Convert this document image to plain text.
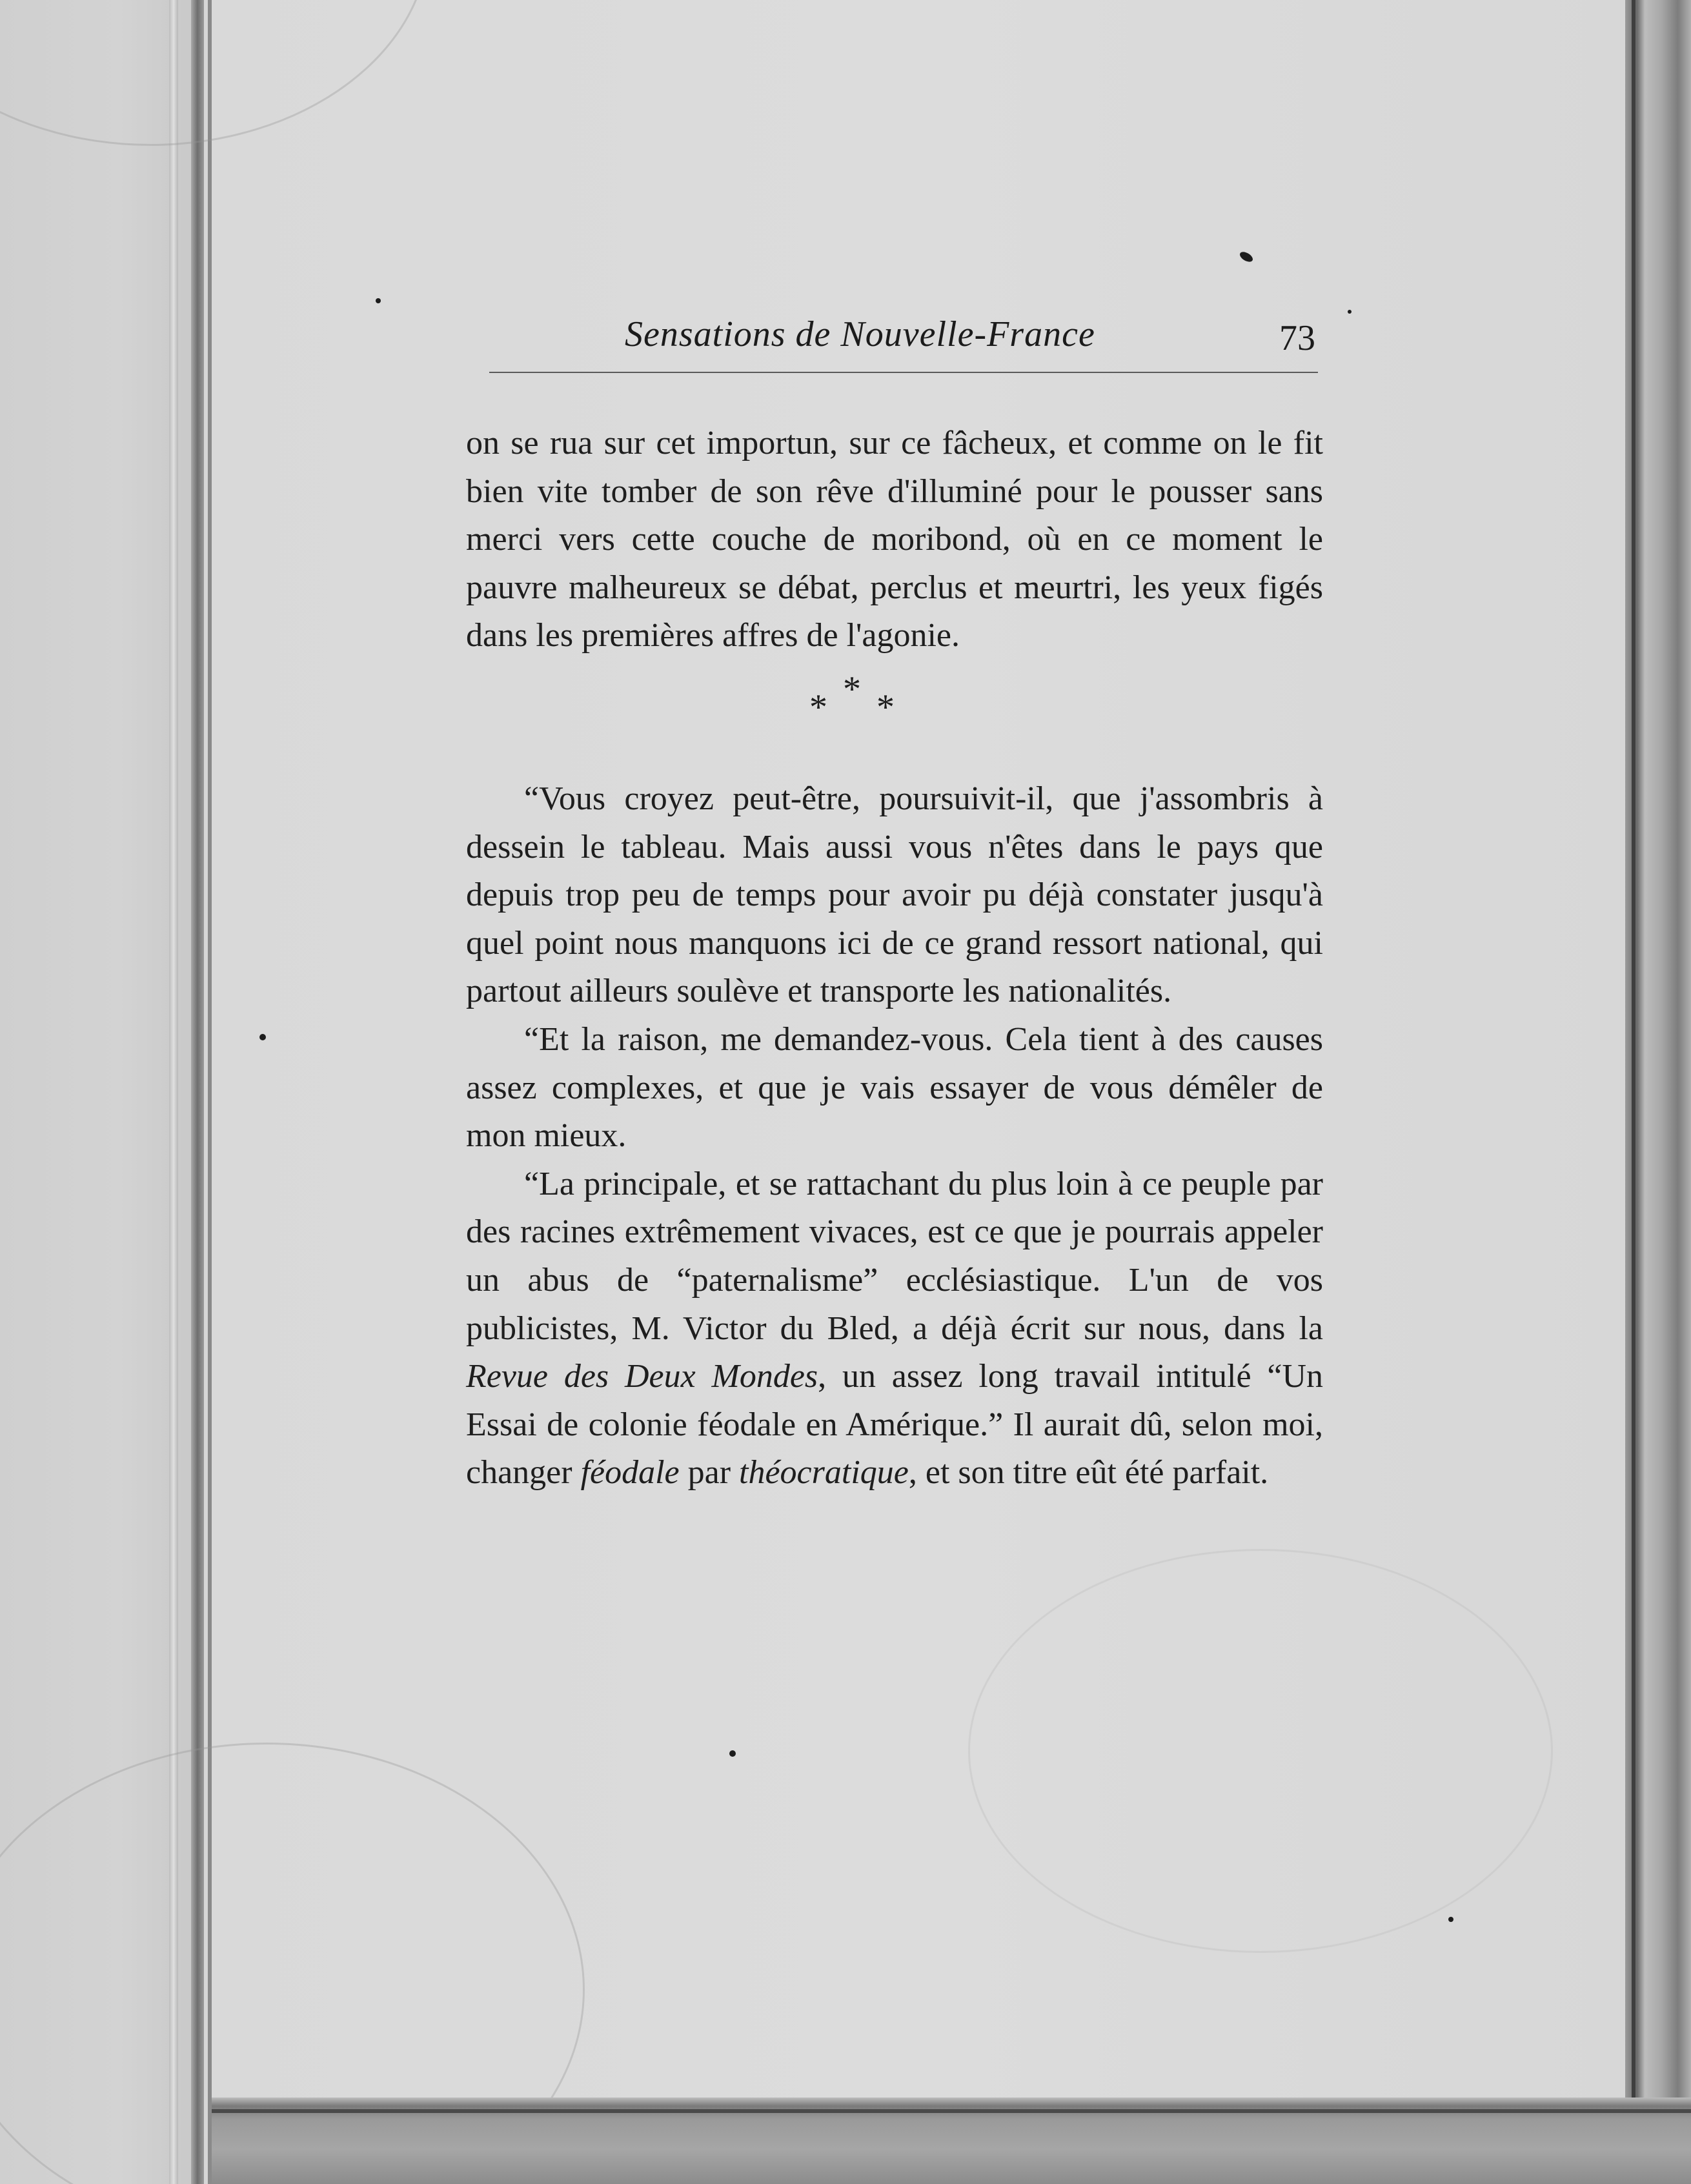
Sensations de Nouvelle-France	73

on se rua sur cet importun, sur ce fâcheux, et comme on le fit bien vite tomber de son rêve d'illuminé pour le pousser sans merci vers cette couche de moribond, où en ce moment le pauvre malheureux se débat, perclus et meurtri, les yeux figés dans les premières affres de l'agonie.

*
* *

“Vous croyez peut-être, poursuivit-il, que j'assombris à dessein le tableau. Mais aussi vous n'êtes dans le pays que depuis trop peu de temps pour avoir pu déjà constater jusqu'à quel point nous manquons ici de ce grand ressort national, qui partout ailleurs soulève et transporte les nationalités.

“Et la raison, me demandez-vous. Cela tient à des causes assez complexes, et que je vais essayer de vous démêler de mon mieux.

“La principale, et se rattachant du plus loin à ce peuple par des racines extrêmement vivaces, est ce que je pourrais appeler un abus de “paternalisme” ecclésiastique. L'un de vos publicistes, M. Victor du Bled, a déjà écrit sur nous, dans la Revue des Deux Mondes, un assez long travail intitulé “Un Essai de colonie féodale en Amérique.” Il aurait dû, selon moi, changer féodale par théocratique, et son titre eût été parfait.
